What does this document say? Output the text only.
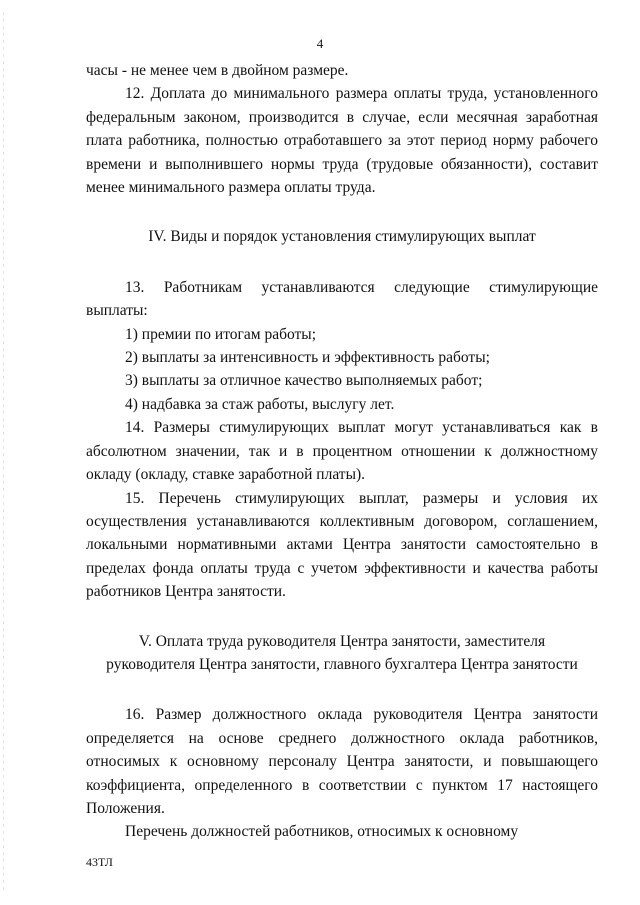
4

часы - не менее чем в двойном размере.

12. Доплата до минимального размера оплаты труда, установленного федеральным законом, производится в случае, если месячная заработная плата работника, полностью отработавшего за этот период норму рабочего времени и выполнившего нормы труда (трудовые обязанности), составит менее минимального размера оплаты труда.

IV. Виды и порядок установления стимулирующих выплат

13. Работникам устанавливаются следующие стимулирующие выплаты:

1) премии по итогам работы;

2) выплаты за интенсивность и эффективность работы;

3) выплаты за отличное качество выполняемых работ;

4) надбавка за стаж работы, выслугу лет.

14. Размеры стимулирующих выплат могут устанавливаться как в абсолютном значении, так и в процентном отношении к должностному окладу (окладу, ставке заработной платы).

15. Перечень стимулирующих выплат, размеры и условия их осуществления устанавливаются коллективным договором, соглашением, локальными нормативными актами Центра занятости самостоятельно в пределах фонда оплаты труда с учетом эффективности и качества работы работников Центра занятости.

V. Оплата труда руководителя Центра занятости, заместителя

руководителя Центра занятости, главного бухгалтера Центра занятости

16. Размер должностного оклада руководителя Центра занятости определяется на основе среднего должностного оклада работников, относимых к основному персоналу Центра занятости, и повышающего коэффициента, определенного в соответствии с пунктом 17 настоящего Положения.

Перечень должностей работников, относимых к основному

43ТЛ
